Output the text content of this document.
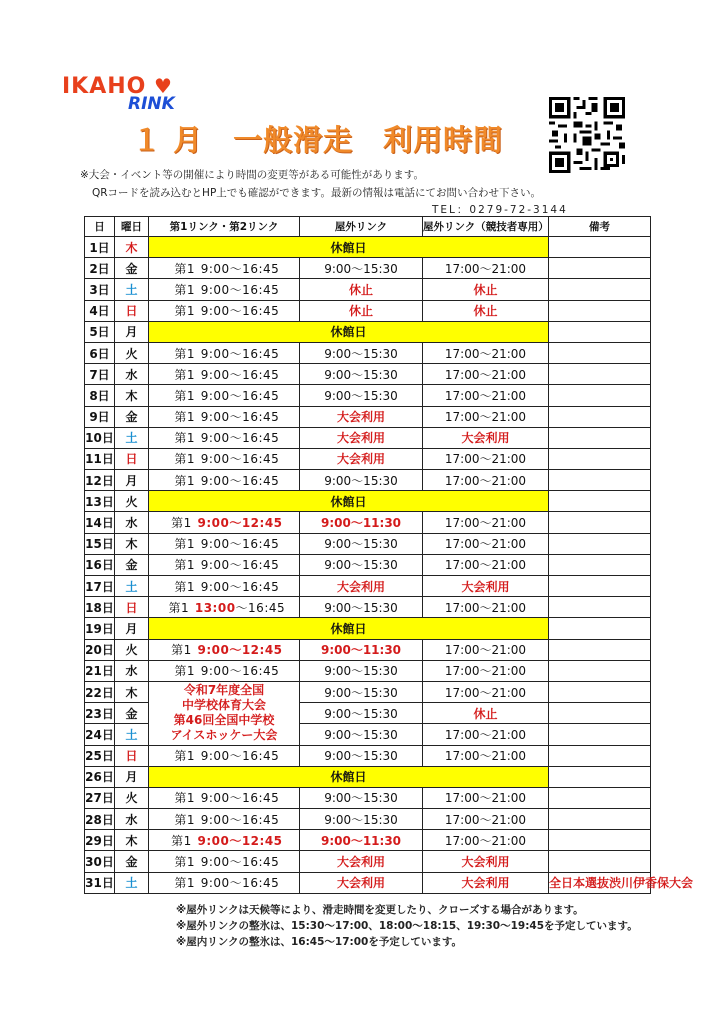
IKAHO ♥
RINK
１ 月　一般滑走　利用時間
※大会・イベント等の開催により時間の変更等がある可能性があります。
QRコードを読み込むとHP上でも確認ができます。最新の情報は電話にてお問い合わせ下さい。
TEL：0279-72-3144
日	曜日	第1リンク・第2リンク	屋外リンク	屋外リンク（競技者専用）	備考
1日	木	休館日			
2日	金	第1 9:00〜16:45	9:00〜15:30	17:00〜21:00	
3日	土	第1 9:00〜16:45	休止	休止	
4日	日	第1 9:00〜16:45	休止	休止	
5日	月	休館日			
6日	火	第1 9:00〜16:45	9:00〜15:30	17:00〜21:00	
7日	水	第1 9:00〜16:45	9:00〜15:30	17:00〜21:00	
8日	木	第1 9:00〜16:45	9:00〜15:30	17:00〜21:00	
9日	金	第1 9:00〜16:45	大会利用	17:00〜21:00	
10日	土	第1 9:00〜16:45	大会利用	大会利用	
11日	日	第1 9:00〜16:45	大会利用	17:00〜21:00	
12日	月	第1 9:00〜16:45	9:00〜15:30	17:00〜21:00	
13日	火	休館日			
14日	水	第1 9:00〜12:45	9:00〜11:30	17:00〜21:00	
15日	木	第1 9:00〜16:45	9:00〜15:30	17:00〜21:00	
16日	金	第1 9:00〜16:45	9:00〜15:30	17:00〜21:00	
17日	土	第1 9:00〜16:45	大会利用	大会利用	
18日	日	第1 13:00〜16:45	9:00〜15:30	17:00〜21:00	
19日	月	休館日			
20日	火	第1 9:00〜12:45	9:00〜11:30	17:00〜21:00	
21日	水	第1 9:00〜16:45	9:00〜15:30	17:00〜21:00	
22日	木	令和7年度全国
中学校体育大会
第46回全国中学校
アイスホッケー大会	9:00〜15:30	17:00〜21:00	
23日	金		9:00〜15:30	休止	
24日	土		9:00〜15:30	17:00〜21:00	
25日	日	第1 9:00〜16:45	9:00〜15:30	17:00〜21:00	
26日	月	休館日			
27日	火	第1 9:00〜16:45	9:00〜15:30	17:00〜21:00	
28日	水	第1 9:00〜16:45	9:00〜15:30	17:00〜21:00	
29日	木	第1 9:00〜12:45	9:00〜11:30	17:00〜21:00	
30日	金	第1 9:00〜16:45	大会利用	大会利用	
31日	土	第1 9:00〜16:45	大会利用	大会利用	全日本選抜渋川伊香保大会
※屋外リンクは天候等により、滑走時間を変更したり、クローズする場合があります。
※屋外リンクの整氷は、15:30〜17:00、18:00〜18:15、19:30〜19:45を予定しています。
※屋内リンクの整氷は、16:45〜17:00を予定しています。
